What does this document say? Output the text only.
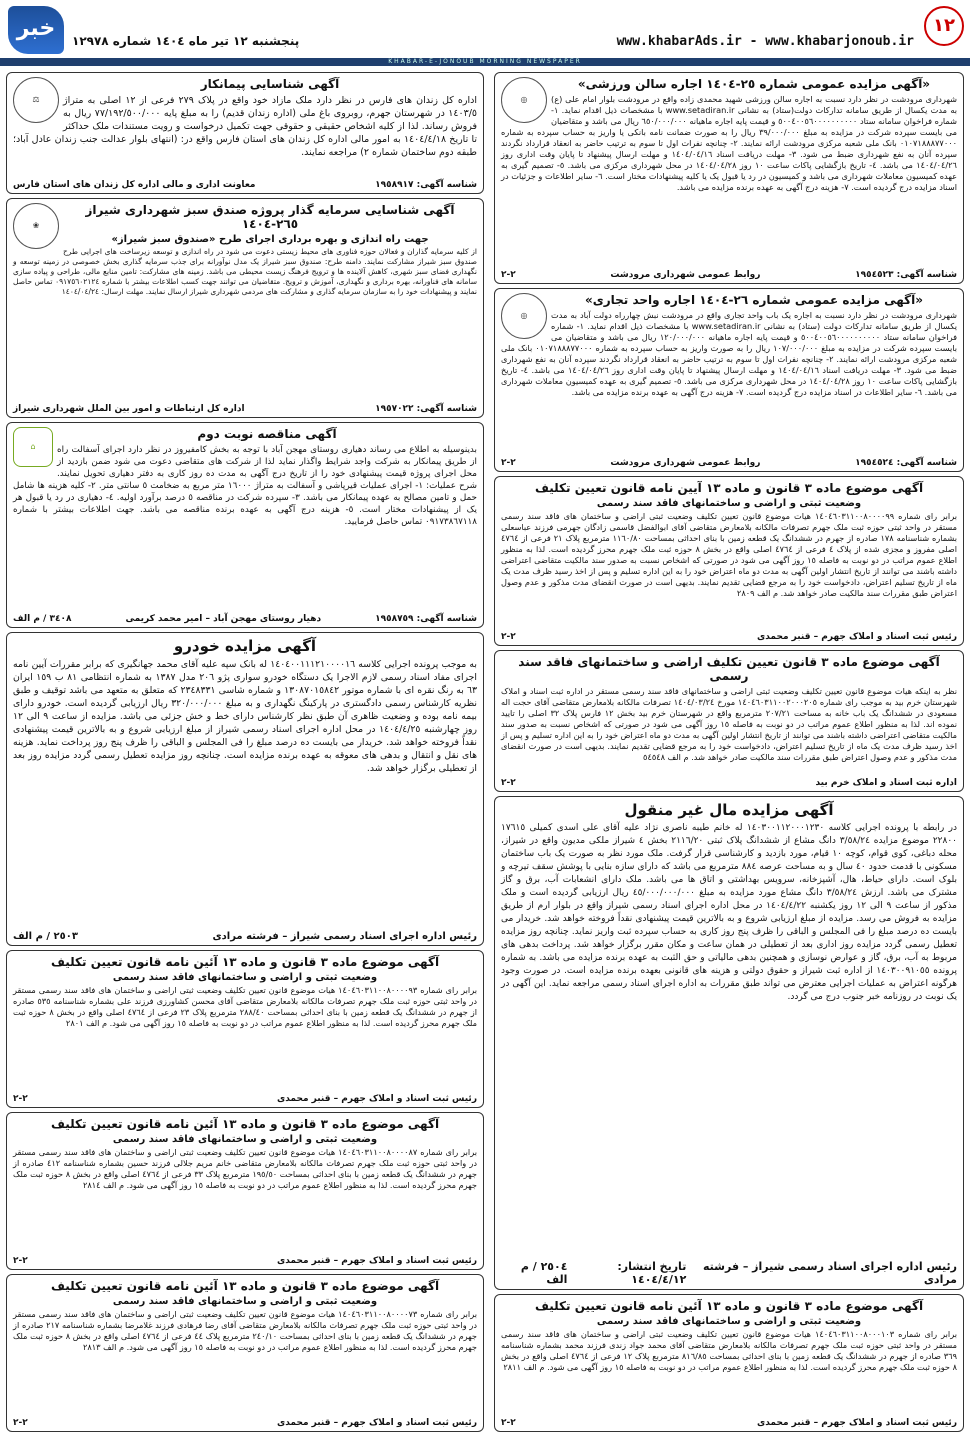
١٢
www.khabarAds.ir - www.khabarjonoub.ir
خبر	پنجشنبه ١٢ تیر ماه ١٤٠٤ شماره ١٢٩٧٨
KHABAR-E-JONOUB MORNING NEWSPAPER
◎
«آگهی مزایده عمومی شماره ٢٥-١٤٠٤ اجاره سالن ورزشی»
شهرداری مرودشت در نظر دارد نسبت به اجاره سالن ورزشی شهید محمدی زاده واقع در مرودشت بلوار امام علی (ع) به مدت یکسال از طریق سامانه تدارکات دولت(ستاد) به نشانی www.setadiran.ir با مشخصات ذیل اقدام نماید. ١- شماره فراخوان سامانه ستاد ٥٠٠٤٠٠٥٦٠٠٠٠٠٠٠٠٠٠ و قیمت پایه اجاره ماهیانه ٦٥٠/٠٠٠/٠٠٠ ریال می باشد و متقاضیان می بایست سپرده شرکت در مزایده به مبلغ ٣٩/٠٠٠/٠٠٠ ریال را به صورت ضمانت نامه بانکی یا واریز به حساب سپرده به شماره ٠١٠٧١٨٨٨٧٧٠٠٠ بانک ملی شعبه مرکزی مرودشت ارائه نمایند. ٢- چنانچه نفرات اول تا سوم به ترتیب حاضر به انعقاد قرارداد نگردند سپرده آنان به نفع شهرداری ضبط می شود. ٣- مهلت دریافت اسناد ١٤٠٤/٠٤/١٦ و مهلت ارسال پیشنهاد تا پایان وقت اداری روز ١٤٠٤/٠٤/٢٦ می باشد. ٤- تاریخ بازگشایی پاکات ساعت ١٠ روز ١٤٠٤/٠٤/٢٨ در محل شهرداری مرکزی می باشد. ٥- تصمیم گیری به عهده کمیسیون معاملات شهرداری می باشد و کمیسیون در رد یا قبول یک یا کلیه پیشنهادات مختار است. ٦- سایر اطلاعات و جزئیات در اسناد مزایده درج گردیده است. ٧- هزینه درج آگهی به عهده برنده مزایده می باشد.
شناسه آگهی: ١٩٥٤٥٢٣
روابط عمومی شهرداری مرودشت
٢-٢
◎
«آگهی مزایده عمومی شماره ٢٦-١٤٠٤ اجاره واحد تجاری»
شهرداری مرودشت در نظر دارد نسبت به اجاره یک باب واحد تجاری واقع در مرودشت نبش چهارراه دولت آباد به مدت یکسال از طریق سامانه تدارکات دولت (ستاد) به نشانی www.setadiran.ir با مشخصات ذیل اقدام نماید. ١- شماره فراخوان سامانه ستاد ٥٠٠٤٠٠٥٦٠٠٠٠٠٠٠٠٠٠ و قیمت پایه اجاره ماهیانه ١٢٠/٠٠٠/٠٠٠ ریال می باشد و متقاضیان می بایست سپرده شرکت در مزایده به مبلغ ١٠٧/٠٠٠/٠٠٠ ریال را به صورت واریز به حساب سپرده به شماره ٠١٠٧١٨٨٨٧٧٠٠٠ بانک ملی شعبه مرکزی مرودشت ارائه نمایند. ٢- چنانچه نفرات اول تا سوم به ترتیب حاضر به انعقاد قرارداد نگردند سپرده آنان به نفع شهرداری ضبط می شود. ٣- مهلت دریافت اسناد ١٤٠٤/٠٤/١٦ و مهلت ارسال پیشنهاد تا پایان وقت اداری روز ١٤٠٤/٠٤/٢٦ می باشد. ٤- تاریخ بازگشایی پاکات ساعت ١٠ روز ١٤٠٤/٠٤/٢٨ در محل شهرداری مرکزی می باشد. ٥- تصمیم گیری به عهده کمیسیون معاملات شهرداری می باشد. ٦- سایر اطلاعات در اسناد مزایده درج گردیده است. ٧- هزینه درج آگهی به عهده برنده مزایده می باشد.
شناسه آگهی: ١٩٥٤٥٢٤
روابط عمومی شهرداری مرودشت
٢-٢
آگهی موضوع ماده ٣ قانون و ماده ١٣ آیین نامه قانون تعیین تکلیف
وضعیت ثبتی و اراضی و ساختمانهای فاقد سند رسمی
برابر رای شماره ١٤٠٤٦٠٣١١٠٠٨٠٠٠٠٩٩ هیات موضوع قانون تعیین تکلیف وضعیت ثبتی اراضی و ساختمان های فاقد سند رسمی مستقر در واحد ثبتی حوزه ثبت ملک جهرم تصرفات مالکانه بلامعارض متقاضی آقای ابوالفضل قاسمی زادگان جهرمی فرزند عباسعلی بشماره شناسنامه ١٧٨ صادره از جهرم در ششدانگ یک قطعه زمین با بنای احداثی بمساحت ١١٦٠/٨٠ مترمربع پلاک ٢١ فرعی از ٤٧٦٤ اصلی مفروز و مجزی شده از پلاک ٤ فرعی از ٤٧٦٤ اصلی واقع در بخش ٨ حوزه ثبت ملک جهرم محرز گردیده است. لذا به منظور اطلاع عموم مراتب در دو نوبت به فاصله ١٥ روز آگهی می شود در صورتی که اشخاص نسبت به صدور سند مالکیت متقاضی اعتراضی داشته باشند می توانند از تاریخ انتشار اولین آگهی به مدت دو ماه اعتراض خود را به این اداره تسلیم و پس از اخذ رسید ظرف مدت یک ماه از تاریخ تسلیم اعتراض، دادخواست خود را به مرجع قضایی تقدیم نمایند. بدیهی است در صورت انقضای مدت مذکور و عدم وصول اعتراض طبق مقررات سند مالکیت صادر خواهد شد. م الف ٢٨٠٩
رئیس ثبت اسناد و املاک جهرم – قنبر محمدی
٢-٢
آگهی موضوع ماده ٣ قانون تعیین تکلیف اراضی و ساختمانهای فاقد سند رسمی
نظر به اینکه هیات موضوع قانون تعیین تکلیف وضعیت ثبتی اراضی و ساختمانهای فاقد سند رسمی مستقر در اداره ثبت اسناد و املاک شهرستان خرم بید به موجب رای شماره ١٤٠٤٦٠٣١١٠٠٢٠٠٠٢٠٥ مورخ ١٤٠٤/٠٣/٢٤ تصرفات مالکانه بلامعارض متقاضی آقای حجت اله مسعودی در ششدانگ یک باب خانه به مساحت ٢٠٧/٢١ مترمربع واقع در شهرستان خرم بید بخش ١٢ فارس پلاک ٣٢ اصلی را تایید نموده اند. لذا به منظور اطلاع عموم مراتب در دو نوبت به فاصله ١٥ روز آگهی می شود در صورتی که اشخاص نسبت به صدور سند مالکیت متقاضی اعتراضی داشته باشند می توانند از تاریخ انتشار اولین آگهی به مدت دو ماه اعتراض خود را به این اداره تسلیم و پس از اخذ رسید ظرف مدت یک ماه از تاریخ تسلیم اعتراض، دادخواست خود را به مرجع قضایی تقدیم نمایند. بدیهی است در صورت انقضای مدت مذکور و عدم وصول اعتراض طبق مقررات سند مالکیت صادر خواهد شد. م الف ٥٤٥٤٨
اداره ثبت اسناد و املاک خرم بید
٢-٢
آگهی مزایده مال غیر منقول
در رابطه با پرونده اجرایی کلاسه ١٤٠٣٠٠١١٢٠٠٠١٢٣٠ له خانم طیبه ناصری نژاد علیه آقای علی اسدی کمیلی ١٧٦١٥ ٢٢٨٠٠ موضوع مزایده ٣/٥٨/٢٤ دانگ مشاع از ششدانگ پلاک ثبتی ٢١١٦/٢٠ بخش ٤ شیراز ملکی مدیون واقع در شیراز، محله دباغی، کوی قوام، کوچه ١٠ قیام، مورد بازدید و کارشناسی قرار گرفت. ملک مورد نظر به صورت یک باب ساختمان مسکونی با قدمت حدود ٤٠ سال و به مساحت عرصه ٨٨٤ مترمربع می باشد که دارای سازه بنایی با پوشش سقف تیرچه و بلوک است. دارای حیاط، هال، آشپزخانه، سرویس بهداشتی و اتاق ها می باشد. ملک دارای انشعابات آب، برق و گاز مشترک می باشد. ارزش ٣/٥٨/٢٤ دانگ مشاع مورد مزایده به مبلغ ٤٥/٠٠٠/٠٠٠/٠٠٠ ریال ارزیابی گردیده است و ملک مذکور از ساعت ٩ الی ١٢ روز یکشنبه ١٤٠٤/٤/٢٢ در محل اداره اجرای اسناد رسمی شیراز واقع در بلوار ارم از طریق مزایده به فروش می رسد. مزایده از مبلغ ارزیابی شروع و به بالاترین قیمت پیشنهادی نقداً فروخته خواهد شد. خریدار می بایست ده درصد مبلغ را فی المجلس و الباقی را ظرف پنج روز کاری به حساب سپرده ثبت واریز نماید. چنانچه روز مزایده تعطیل رسمی گردد مزایده روز اداری بعد از تعطیلی در همان ساعت و مکان مقرر برگزار خواهد شد. پرداخت بدهی های مربوط به آب، برق، گاز و عوارض نوسازی و همچنین بدهی مالیاتی و حق الثبت به عهده برنده مزایده می باشد. به شماره پرونده ١٤٠٣٠٠٩١٠٥٥ از اداره ثبت شیراز و حقوق دولتی و هزینه های قانونی بعهده برنده مزایده است. در صورت وجود هرگونه اعتراض به عملیات اجرایی معترض می تواند طبق مقررات به اداره اجرای اسناد رسمی مراجعه نماید. این آگهی در یک نوبت در روزنامه خبر جنوب درج می گردد.
رئیس اداره اجرای اسناد رسمی شیراز – فرشته مرادی
تاریخ انتشار: ١٤٠٤/٤/١٢
٢٥٠٤ / م الف
آگهی موضوع ماده ٣ قانون و ماده ١٣ آئین نامه قانون تعیین تکلیف
وضعیت ثبتی و اراضی و ساختمانهای فاقد سند رسمی
برابر رای شماره ١٤٠٤٦٠٣١١٠٠٨٠٠٠١٠٣ هیات موضوع قانون تعیین تکلیف وضعیت ثبتی اراضی و ساختمان های فاقد سند رسمی مستقر در واحد ثبتی حوزه ثبت ملک جهرم تصرفات مالکانه بلامعارض متقاضی آقای محمد جواد زندی فرزند محمد بشماره شناسنامه ٣٦٩ صادره از جهرم در ششدانگ یک قطعه زمین با بنای احداثی بمساحت ٨١٦/٨٥ مترمربع پلاک ١٢ فرعی از ٤٧٦٤ اصلی واقع در بخش ٨ حوزه ثبت ملک جهرم محرز گردیده است. لذا به منظور اطلاع عموم مراتب در دو نوبت به فاصله ١٥ روز آگهی می شود. م الف ٢٨١١
رئیس ثبت اسناد و املاک جهرم – قنبر محمدی
٢-٢
⚖
آگهی شناسایی پیمانکار
اداره کل زندان های فارس در نظر دارد ملک مازاد خود واقع در پلاک ٢٧٩ فرعی از ١٢ اصلی به متراژ ١٤٠٣/٥ در شهرستان جهرم، روبروی باغ ملی (اداره زندان قدیم) را به مبلغ پایه ٧٧/١٩٢/٥٠٠/٠٠٠ ریال به فروش رساند. لذا از کلیه اشخاص حقیقی و حقوقی جهت تکمیل درخواست و رویت مستندات ملک حداکثر تا تاریخ ١٤٠٤/٤/١٨ به امور مالی اداره کل زندان های استان فارس واقع در: (انتهای بلوار عدالت جنب زندان عادل آباد؛ طبقه دوم ساختمان شماره ٢) مراجعه نمایند.
شناسه آگهی: ١٩٥٨٩١٧
معاونت اداری و مالی اداره کل زندان های استان فارس
❀
آگهی شناسایی سرمایه گذار پروژه صندق سبز شهرداری شیراز ٢٦٥-١٤٠٤
جهت راه اندازی و بهره برداری اجرای طرح «صندوق سبز شیراز»
از کلیه سرمایه گذاران و فعالان حوزه فناوری های محیط زیستی دعوت می شود در راه اندازی و توسعه زیرساخت های اجرایی طرح صندوق سبز شیراز مشارکت نمایند. دامنه طرح: صندوق سبز شیراز یک مدل نوآورانه برای جذب سرمایه گذاری بخش خصوصی در زمینه توسعه و نگهداری فضای سبز شهری، کاهش آلاینده ها و ترویج فرهنگ زیست محیطی می باشد. زمینه های مشارکت: تامین منابع مالی، طراحی و پیاده سازی سامانه های فناورانه، بهره برداری و نگهداری، آموزش و ترویج. متقاضیان می توانند جهت کسب اطلاعات بیشتر با شماره ٠٩١٧٥٦٠٢١٢٤ تماس حاصل نمایند و پیشنهادات خود را به سازمان سرمایه گذاری و مشارکت های مردمی شهرداری شیراز ارسال نمایند. مهلت ارسال: ١٤٠٤/٠٤/٢٤
شناسه آگهی: ١٩٥٧٠٢٢
اداره کل ارتباطات و امور بین الملل شهرداری شیراز
⌂
آگهی مناقصه نوبت دوم
بدینوسیله به اطلاع می رساند دهیاری روستای مهجن آباد با توجه به بخش کامفیروز در نظر دارد اجرای آسفالت راه از طریق پیمانکار به شرکت واجد شرایط واگذار نماید لذا از شرکت های متقاضی دعوت می شود ضمن بازدید از محل اجرای پروژه قیمت پیشنهادی خود را از تاریخ درج آگهی به مدت ده روز کاری به دفتر دهیاری تحویل نمایند. شرح عملیات: ١- اجرای عملیات قیرپاشی و آسفالت به متراژ ١٦٠٠٠ متر مربع به ضخامت ٥ سانتی متر. ٢- کلیه هزینه ها شامل حمل و تامین مصالح به عهده پیمانکار می باشد. ٣- سپرده شرکت در مناقصه ٥ درصد برآورد اولیه. ٤- دهیاری در رد یا قبول هر یک از پیشنهادات مختار است. ٥- هزینه درج آگهی به عهده برنده مناقصه می باشد. جهت اطلاعات بیشتر با شماره ٠٩١٧٣٨٦٧١١٨ تماس حاصل فرمایید.
شناسه آگهی: ١٩٥٨٧٥٩
دهیار روستای مهجن آباد – امیر محمد کریمی
٣٤٠٨ / م الف
آگهی مزایده خودرو
به موجب پرونده اجرایی کلاسه ١٤٠٤٠٠١١١٢١٠٠٠٠١٦ له بانک سپه علیه آقای محمد جهانگیری که برابر مقررات آیین نامه اجرای مفاد اسناد رسمی لازم الاجرا یک دستگاه خودرو سواری پژو ٢٠٦ مدل ١٣٨٧ به شماره انتظامی ٨١ ب ١٥٩ ایران ٦٣ به رنگ نقره ای با شماره موتور ١٣٠٨٧٠١٥٨٤٢ و شماره شاسی ٢٣٤٨٣٣١ که متعلق به متعهد می باشد توقیف و طبق نظریه کارشناس رسمی دادگستری در پارکینگ نگهداری و به مبلغ ٣٢٠/٠٠٠/٠٠٠ ریال ارزیابی گردیده است. خودرو دارای بیمه نامه بوده و وضعیت ظاهری آن طبق نظر کارشناس دارای خط و خش جزئی می باشد. مزایده از ساعت ٩ الی ١٢ روز چهارشنبه ١٤٠٤/٤/٢٥ در محل اداره اجرای اسناد رسمی شیراز از مبلغ ارزیابی شروع و به بالاترین قیمت پیشنهادی نقداً فروخته خواهد شد. خریدار می بایست ده درصد مبلغ را فی المجلس و الباقی را ظرف پنج روز پرداخت نماید. هزینه های نقل و انتقال و بدهی های معوقه به عهده برنده مزایده است. چنانچه روز مزایده تعطیل رسمی گردد مزایده روز بعد از تعطیلی برگزار خواهد شد.
رئیس اداره اجرای اسناد رسمی شیراز – فرشته مرادی
٢٥٠٣ / م الف
آگهی موضوع ماده ٣ قانون و ماده ١٣ آئین نامه قانون تعیین تکلیف
وضعیت ثبتی و اراضی و ساختمانهای فاقد سند رسمی
برابر رای شماره ١٤٠٤٦٠٣١١٠٠٨٠٠٠٠٩٣ هیات موضوع قانون تعیین تکلیف وضعیت ثبتی اراضی و ساختمان های فاقد سند رسمی مستقر در واحد ثبتی حوزه ثبت ملک جهرم تصرفات مالکانه بلامعارض متقاضی آقای محسن کشاورزی فرزند علی بشماره شناسنامه ٥٣٥ صادره از جهرم در ششدانگ یک قطعه زمین با بنای احداثی بمساحت ٢٨٨/٤٠ مترمربع پلاک ٢٣ فرعی از ٤٧٦٤ اصلی واقع در بخش ٨ حوزه ثبت ملک جهرم محرز گردیده است. لذا به منظور اطلاع عموم مراتب در دو نوبت به فاصله ١٥ روز آگهی می شود. م الف ٢٨٠١
رئیس ثبت اسناد و املاک جهرم – قنبر محمدی
٢-٢
آگهی موضوع ماده ٣ قانون و ماده ١٣ آئین نامه قانون تعیین تکلیف
وضعیت ثبتی و اراضی و ساختمانهای فاقد سند رسمی
برابر رای شماره ١٤٠٤٦٠٣١١٠٠٨٠٠٠٠٨٧ هیات موضوع قانون تعیین تکلیف وضعیت ثبتی اراضی و ساختمان های فاقد سند رسمی مستقر در واحد ثبتی حوزه ثبت ملک جهرم تصرفات مالکانه بلامعارض متقاضی خانم مریم جلالی فرزند حسین بشماره شناسنامه ٤١٢ صادره از جهرم در ششدانگ یک قطعه زمین با بنای احداثی بمساحت ١٩٥/٥٠ مترمربع پلاک ٣٣ فرعی از ٤٧٦٤ اصلی واقع در بخش ٨ حوزه ثبت ملک جهرم محرز گردیده است. لذا به منظور اطلاع عموم مراتب در دو نوبت به فاصله ١٥ روز آگهی می شود. م الف ٢٨١٤
رئیس ثبت اسناد و املاک جهرم – قنبر محمدی
٢-٢
آگهی موضوع ماده ٣ قانون و ماده ١٣ آئین نامه قانون تعیین تکلیف
وضعیت ثبتی و اراضی و ساختمانهای فاقد سند رسمی
برابر رای شماره ١٤٠٤٦٠٣١١٠٠٨٠٠٠٠٧٣ هیات موضوع قانون تعیین تکلیف وضعیت ثبتی اراضی و ساختمان های فاقد سند رسمی مستقر در واحد ثبتی حوزه ثبت ملک جهرم تصرفات مالکانه بلامعارض متقاضی آقای رضا فرهادی فرزند غلامرضا بشماره شناسنامه ٢١٧ صادره از جهرم در ششدانگ یک قطعه زمین با بنای احداثی بمساحت ٢٤٠/١٠ مترمربع پلاک ٤٤ فرعی از ٤٧٦٤ اصلی واقع در بخش ٨ حوزه ثبت ملک جهرم محرز گردیده است. لذا به منظور اطلاع عموم مراتب در دو نوبت به فاصله ١٥ روز آگهی می شود. م الف ٢٨١٣
رئیس ثبت اسناد و املاک جهرم – قنبر محمدی
٢-٢
